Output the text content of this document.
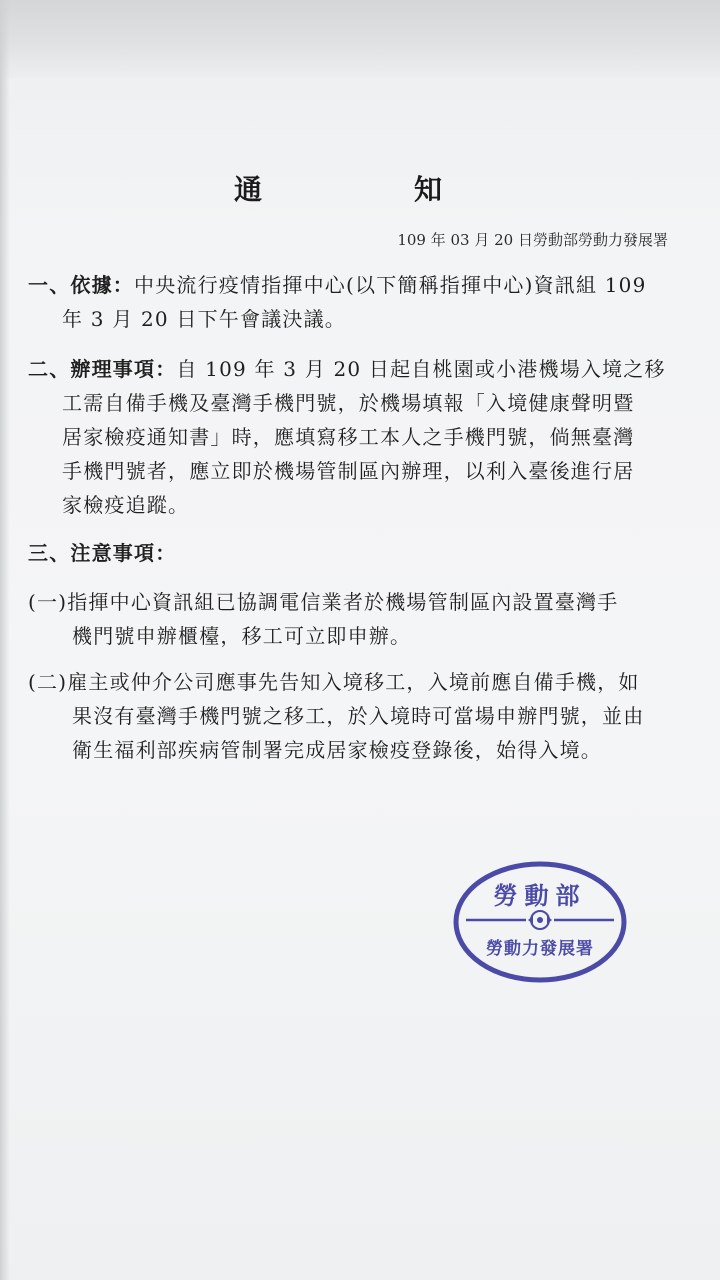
通	知
109 年 03 月 20 日勞動部勞動力發展署
一、依據：中央流行疫情指揮中心(以下簡稱指揮中心)資訊組 109
年 3 月 20 日下午會議決議。
二、辦理事項：自 109 年 3 月 20 日起自桃園或小港機場入境之移
工需自備手機及臺灣手機門號，於機場填報「入境健康聲明暨
居家檢疫通知書」時，應填寫移工本人之手機門號，倘無臺灣
手機門號者，應立即於機場管制區內辦理，以利入臺後進行居
家檢疫追蹤。
三、注意事項：
(一)指揮中心資訊組已協調電信業者於機場管制區內設置臺灣手
機門號申辦櫃檯，移工可立即申辦。
(二)雇主或仲介公司應事先告知入境移工，入境前應自備手機，如
果沒有臺灣手機門號之移工，於入境時可當場申辦門號，並由
衛生福利部疾病管制署完成居家檢疫登錄後，始得入境。
勞動部
勞動力發展署
